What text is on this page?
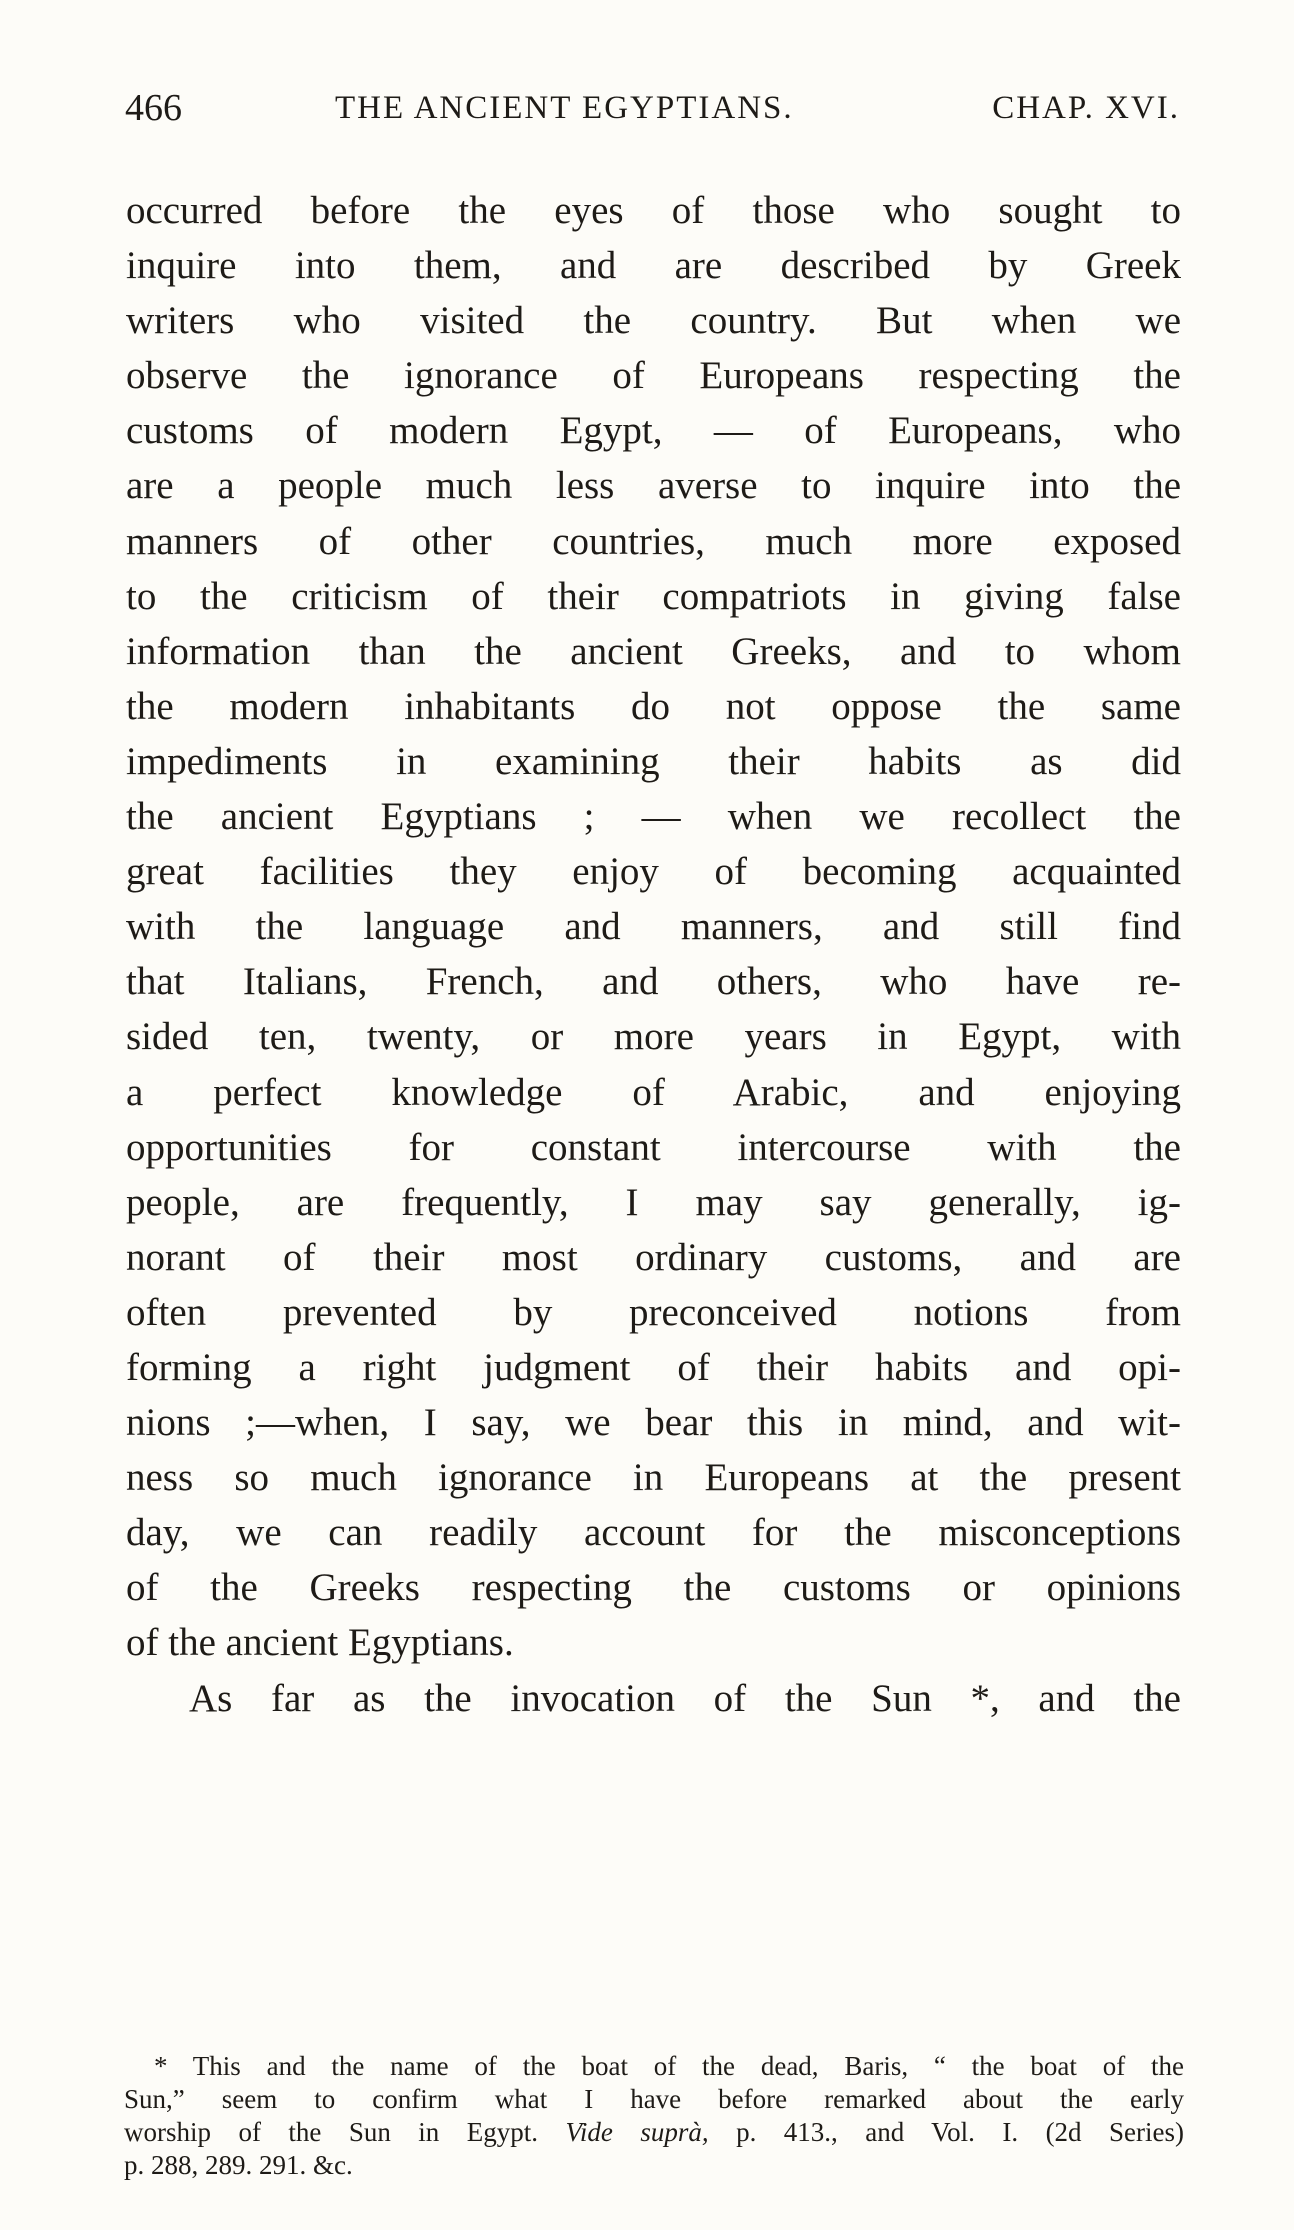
466	THE ANCIENT EGYPTIANS.	CHAP. XVI.
occurred before the eyes of those who sought to
inquire into them, and are described by Greek
writers who visited the country. But when we
observe the ignorance of Europeans respecting the
customs of modern Egypt, — of Europeans, who
are a people much less averse to inquire into the
manners of other countries, much more exposed
to the criticism of their compatriots in giving false
information than the ancient Greeks, and to whom
the modern inhabitants do not oppose the same
impediments in examining their habits as did
the ancient Egyptians ; — when we recollect the
great facilities they enjoy of becoming acquainted
with the language and manners, and still find
that Italians, French, and others, who have re-
sided ten, twenty, or more years in Egypt, with
a perfect knowledge of Arabic, and enjoying
opportunities for constant intercourse with the
people, are frequently, I may say generally, ig-
norant of their most ordinary customs, and are
often prevented by preconceived notions from
forming a right judgment of their habits and opi-
nions ;—when, I say, we bear this in mind, and wit-
ness so much ignorance in Europeans at the present
day, we can readily account for the misconceptions
of the Greeks respecting the customs or opinions
of the ancient Egyptians.
As far as the invocation of the Sun *, and the
* This and the name of the boat of the dead, Baris, “ the boat of the
Sun,” seem to confirm what I have before remarked about the early
worship of the Sun in Egypt. Vide suprà, p. 413., and Vol. I. (2d Series)
p. 288, 289. 291. &c.
